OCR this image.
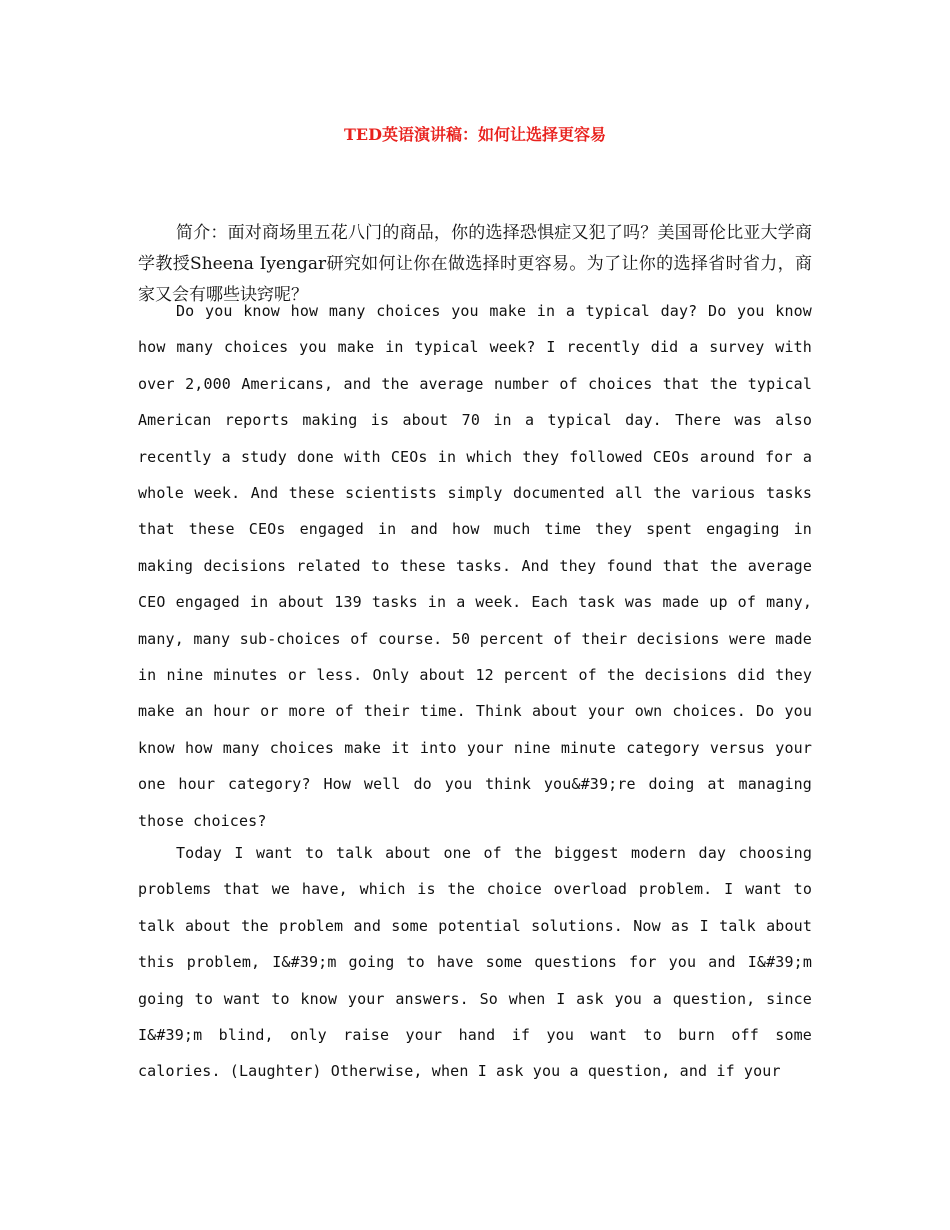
TED英语演讲稿：如何让选择更容易

简介：面对商场里五花八门的商品，你的选择恐惧症又犯了吗？美国哥伦比亚大学商学教授Sheena Iyengar研究如何让你在做选择时更容易。为了让你的选择省时省力，商家又会有哪些诀窍呢？

Do you know how many choices you make in a typical day? Do you know how many choices you make in typical week? I recently did a survey with over 2,000 Americans, and the average number of choices that the typical American reports making is about 70 in a typical day. There was also recently a study done with CEOs in which they followed CEOs around for a whole week. And these scientists simply documented all the various tasks that these CEOs engaged in and how much time they spent engaging in making decisions related to these tasks. And they found that the average CEO engaged in about 139 tasks in a week. Each task was made up of many, many, many sub-choices of course. 50 percent of their decisions were made in nine minutes or less. Only about 12 percent of the decisions did they make an hour or more of their time. Think about your own choices. Do you know how many choices make it into your nine minute category versus your one hour category? How well do you think you&#39;re doing at managing those choices?

Today I want to talk about one of the biggest modern day choosing problems that we have, which is the choice overload problem. I want to talk about the problem and some potential solutions. Now as I talk about this problem, I&#39;m going to have some questions for you and I&#39;m going to want to know your answers. So when I ask you a question, since I&#39;m blind, only raise your hand if you want to burn off some calories. (Laughter) Otherwise, when I ask you a question, and if your
